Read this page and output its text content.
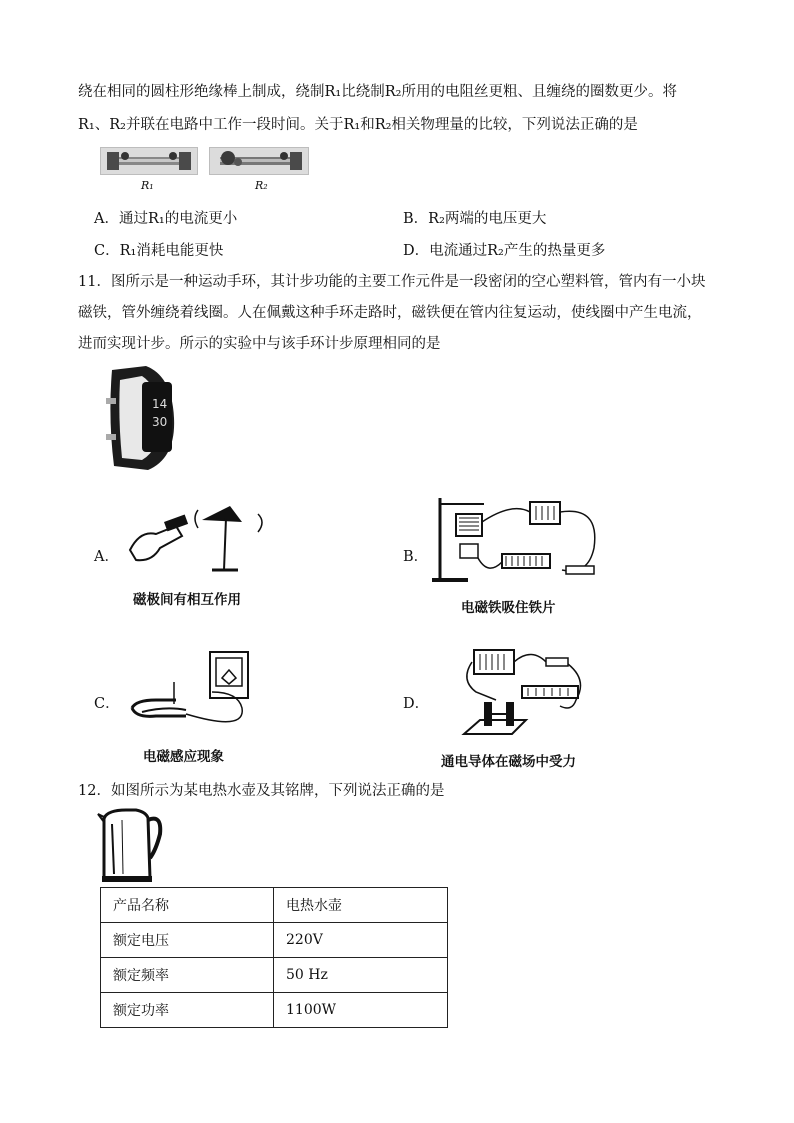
绕在相同的圆柱形绝缘棒上制成，绕制R₁比绕制R₂所用的电阻丝更粗、且缠绕的圈数更少。将
R₁、R₂并联在电路中工作一段时间。关于R₁和R₂相关物理量的比较，下列说法正确的是
R₁	R₂
A．通过R₁的电流更小	B．R₂两端的电压更大
C．R₁消耗电能更快	D．电流通过R₂产生的热量更多
11．图所示是一种运动手环，其计步功能的主要工作元件是一段密闭的空心塑料管，管内有一小块
磁铁，管外缠绕着线圈。人在佩戴这种手环走路时，磁铁便在管内往复运动，使线圈中产生电流，
进而实现计步。所示的实验中与该手环计步原理相同的是
14
30
A．
磁极间有相互作用
B．
电磁铁吸住铁片
C．
电磁感应现象
D．
通电导体在磁场中受力
12．如图所示为某电热水壶及其铭牌，下列说法正确的是
产品名称	电热水壶
额定电压	220V
额定频率	50 Hz
额定功率	1100W
